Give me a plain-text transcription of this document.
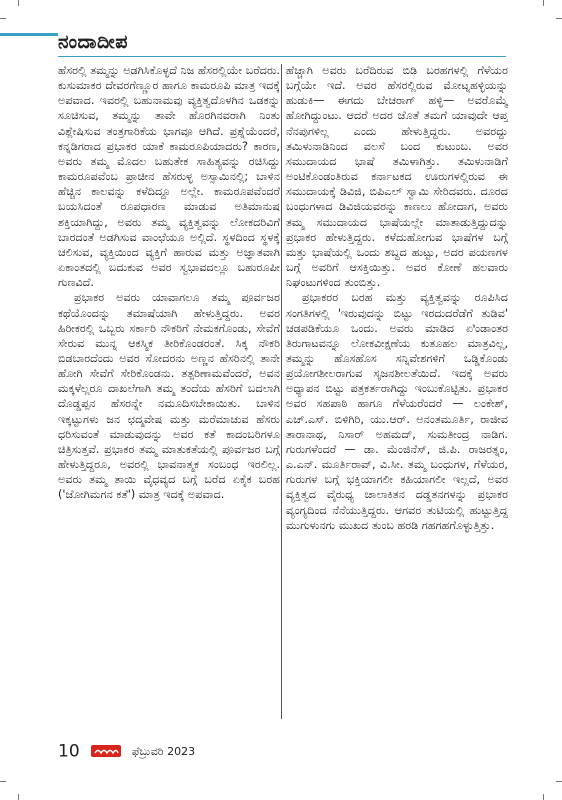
ನಂದಾದೀಪ

ಹೆಸರಲ್ಲಿ ತಮ್ಮನ್ನು ಅಡಗಿಸಿಕೊಳ್ಳದೆ ನಿಜ ಹೆಸರಲ್ಲಿಯೇ ಬರೆದರು. ಕುಸುಮಾಕರ ದೇವರಗೆಣ್ಣೂರ ಹಾಗೂ ಕಾಮರೂಪಿ ಮಾತ್ರ ಇದಕ್ಕೆ ಅಪವಾದ. ಇವರಲ್ಲಿ ಬಹುನಾಮವು ವ್ಯಕ್ತಿತ್ವದೊಳಗಿನ ಒಡಕನ್ನು ಸೂಚಿಸುವ, ತಮ್ಮನ್ನು ತಾವೇ ಹೊರಗಿನವರಾಗಿ ನಿಂತು ವಿಶ್ಲೇಷಿಸುವ ತಂತ್ರಗಾರಿಕೆಯ ಭಾಗವೂ ಆಗಿದೆ. ಪ್ರಶ್ನೆಯೆಂದರೆ, ಕನ್ನಡಿಗರಾದ ಪ್ರಭಾಕರ ಯಾಕೆ ಕಾಮರೂಪಿಯಾದರು? ಕಾರಣ, ಅವರು ತಮ್ಮ ಮೊದಲ ಬಹುತೇಕ ಸಾಹಿತ್ಯವನ್ನು ರಚಿಸಿದ್ದು ಕಾಮರೂಪವೆಂಬ ಪ್ರಾಚೀನ ಹೆಸರುಳ್ಳ ಅಸ್ಸಾಮಿನಲ್ಲಿ; ಬಾಳಿನ ಹೆಚ್ಚಿನ ಕಾಲವನ್ನು ಕಳೆದಿದ್ದೂ ಅಲ್ಲೇ. ಕಾಮರೂಪವೆಂದರೆ ಬಯಸಿದಂತೆ ರೂಪಧಾರಣ ಮಾಡುವ ಅತಿಮಾನುಷ ಶಕ್ತಿಯಾಗಿದ್ದು, ಅವರು ತಮ್ಮ ವ್ಯಕ್ತಿತ್ವವನ್ನು ಲೋಕದರಿವಿಗೆ ಬಾರದಂತೆ ಅಡಗಿಸುವ ವಾಂಛೆಯೂ ಅಲ್ಲಿದೆ. ಸ್ಥಳದಿಂದ ಸ್ಥಳಕ್ಕೆ ಚಲಿಸುವ, ವ್ಯಕ್ತಿಯಿಂದ ವ್ಯಕ್ತಿಗೆ ಹಾರುವ ಮತ್ತು ಅಜ್ಞಾತವಾಗಿ ಏಕಾಂತದಲ್ಲಿ ಬದುಕುವ ಅವರ ಸ್ವಭಾವದಲ್ಲೂ ಬಹುರೂಪೀ ಗುಣವಿದೆ.

ಪ್ರಭಾಕರ ಅವರು ಯಾವಾಗಲೂ ತಮ್ಮ ಪೂರ್ವಜರ ಕಥೆಯೊಂದನ್ನು ತಮಾಷೆಯಾಗಿ ಹೇಳುತ್ತಿದ್ದರು. ಅವರ ಹಿರೀಕರಲ್ಲಿ ಒಬ್ಬರು ಸರ್ಕಾರಿ ನೌಕರಿಗೆ ನೇಮಕಗೊಂಡು, ಸೇವೆಗೆ ಸೇರುವ ಮುನ್ನ ಆಕಸ್ಮಿಕ ತೀರಿಕೊಂಡರಂತೆ. ಸಿಕ್ಕ ನೌಕರಿ ಬಿಡಬಾರದೆಂದು ಅವರ ಸೋದರನು ಅಣ್ಣನ ಹೆಸರಿನಲ್ಲಿ ತಾನೇ ಹೋಗಿ ಸೇವೆಗೆ ಸೇರಿಕೊಂಡನು. ತತ್ಪರಿಣಾಮವೆಂದರೆ, ಅವನ ಮಕ್ಕಳೆಲ್ಲರೂ ದಾಖಲೆಗಾಗಿ ತಮ್ಮ ತಂದೆಯ ಹೆಸರಿಗೆ ಬದಲಾಗಿ ದೊಡ್ಡಪ್ಪನ ಹೆಸರನ್ನೇ ನಮೂದಿಸಬೇಕಾಯಿತು. ಬಾಳಿನ ಇಕ್ಕಟ್ಟುಗಳು ಜನ ಛದ್ಮವೇಷ ಮತ್ತು ಮರೆಮಾಚುವ ಹೆಸರು ಧರಿಸುವಂತೆ ಮಾಡುವುದನ್ನು ಅವರ ಕತೆ ಕಾದಂಬರಿಗಳೂ ಚಿತ್ರಿಸುತ್ತವೆ. ಪ್ರಭಾಕರ ತಮ್ಮ ಮಾತುಕತೆಯಲ್ಲಿ ಪೂರ್ವಜರ ಬಗ್ಗೆ ಹೇಳುತ್ತಿದ್ದರೂ, ಅವರಲ್ಲಿ ಭಾವನಾತ್ಮಕ ಸಂಬಂಧ ಇರಲಿಲ್ಲ. ಅವರು ತಮ್ಮ ತಾಯಿ ವೈಧವ್ಯದ ಬಗ್ಗೆ ಬರೆದ ಏಕೈಕ ಬರಹ ('ಜೋಗಿಮಗನ ಕತೆ') ಮಾತ್ರ ಇದಕ್ಕೆ ಅಪವಾದ.

ಹೆಚ್ಚಾಗಿ ಅವರು ಬರೆದಿರುವ ಬಿಡಿ ಬರಹಗಳಲ್ಲಿ ಗೆಳೆಯರ ಬಗ್ಗೆಯೇ ಇದೆ. ಅವರ ಹೆಸರಲ್ಲಿರುವ ಮೋಟ್ನಹಳ್ಳಿಯನ್ನು ಹುಡುಕಿ— ಈಗದು ಬೇಚರಾಗ್ ಹಳ್ಳಿ— ಅವರೊಮ್ಮೆ ಹೋಗಿದ್ದುಂಟು. ಆದರೆ ಅದರ ಜೊತೆ ತಮಗೆ ಯಾವುದೇ ಆಪ್ತ ನೆನಪುಗಳಿಲ್ಲ ಎಂದು ಹೇಳುತ್ತಿದ್ದರು. ಅವರದ್ದು ತಮಿಳುನಾಡಿನಿಂದ ವಲಸೆ ಬಂದ ಕುಟುಂಬ. ಅವರ ಸಮುದಾಯದ ಭಾಷೆ ತಮಿಳಾಗಿತ್ತು. ತಮಿಳುನಾಡಿಗೆ ಅಂಟಿಕೊಂಡಂತಿರುವ ಕರ್ನಾಟಕದ ಊರುಗಳಲ್ಲಿರುವ ಈ ಸಮುದಾಯಕ್ಕೆ ಡಿವಿಜಿ, ಬಿಪಿಎಲ್ ಸ್ವಾಮಿ ಸೇರಿದವರು. ದೂರದ ಬಂಧುಗಳಾದ ಡಿವಿಜಿಯವರನ್ನು ಕಾಣಲು ಹೋದಾಗ, ಅವರು ತಮ್ಮ ಸಮುದಾಯದ ಭಾಷೆಯಲ್ಲೇ ಮಾತಾಡುತ್ತಿದ್ದುದನ್ನು ಪ್ರಭಾಕರ ಹೇಳುತ್ತಿದ್ದರು. ಕಳೆದುಹೋಗುವ ಭಾಷೆಗಳ ಬಗ್ಗೆ ಮತ್ತು ಭಾಷೆಯಲ್ಲಿ ಒಂದು ಶಬ್ದದ ಹುಟ್ಟು, ಅದರ ಪಯಣಗಳ ಬಗ್ಗೆ ಅವರಿಗೆ ಆಸಕ್ತಿಯಿತ್ತು. ಅವರ ಕೋಣೆ ಹಲವಾರು ನಿಘಂಟುಗಳಿಂದ ತುಂಬಿತ್ತು.

ಪ್ರಭಾಕರರ ಬರಹ ಮತ್ತು ವ್ಯಕ್ತಿತ್ವವನ್ನು ರೂಪಿಸಿದ ಸಂಗತಿಗಳಲ್ಲಿ 'ಇರುವುದನ್ನು ಬಿಟ್ಟು ಇರದುದರೆಡೆಗೆ ತುಡಿವ' ಚಡಪಡಿಕೆಯೂ ಒಂದು. ಅವರು ಮಾಡಿದ ಏಿಂಡಾಂತರ ತಿರುಗಾಟವನ್ನೂ ಲೋಕವೀಕ್ಷಣೆಯ ಕುತೂಹಲ ಮಾತ್ರವಿಲ್ಲ, ತಮ್ಮನ್ನು ಹೊಸಹೊಸ ಸನ್ನಿವೇಶಗಳಿಗೆ ಒಡ್ಡಿಕೊಂಡು ಪ್ರಯೋಗಶೀಲರಾಗುವ ಸೃಜನಶೀಲತೆಯಿದೆ. ಇದಕ್ಕೆ ಅವರು ಅಧ್ಯಾಪನ ಬಿಟ್ಟು ಪತ್ರಕರ್ತರಾಗಿದ್ದು ಇಂಬುಕೊಟ್ಟಿತು. ಪ್ರಭಾಕರ ಅವರ ಸಹಪಾಠಿ ಹಾಗೂ ಗೆಳೆಯರೆಂದರೆ — ಲಂಕೇಶ್, ಎಚ್.ಎಸ್. ಬಿಳಿಗಿರಿ, ಯು.ಆರ್. ಅನಂತಮೂರ್ತಿ, ರಾಜೀವ ತಾರಾನಾಥ, ನಿಸಾರ್ ಅಹಮದ್, ಸುಮತೀಂದ್ರ ನಾಡಿಗ. ಗುರುಗಳೆಂದರೆ — ಡಾ. ಮೆಂಜಿನೆಸ್, ಜಿ.ಪಿ. ರಾಜರತ್ನಂ, ಎ.ಎನ್. ಮೂರ್ತಿರಾವ್, ವಿ.ಸೀ. ತಮ್ಮ ಬಂಧುಗಳ, ಗೆಳೆಯರ, ಗುರುಗಳ ಬಗ್ಗೆ ಭಕ್ತಿಯಾಗಲೀ ಕಹಿಯಾಗಲೀ ಇಲ್ಲದೆ, ಅವರ ವ್ಯಕ್ತಿತ್ವದ ವೈರುಧ್ಯ ಚಾಲಾಕಿತನ ದಡ್ಡತನಗಳನ್ನು ಪ್ರಭಾಕರ ವ್ಯಂಗ್ಯದಿಂದ ನೆನೆಯುತ್ತಿದ್ದರು. ಆಗವರ ತುಟಿಯಲ್ಲಿ ಹುಟ್ಟುತ್ತಿದ್ದ ಮುಗುಳುನಗು ಮುಖದ ತುಂಬ ಹರಡಿ ಗಹಗಹಗೊಳ್ಳುತ್ತಿತ್ತು.

10	ಫೆಬ್ರುವರಿ 2023
